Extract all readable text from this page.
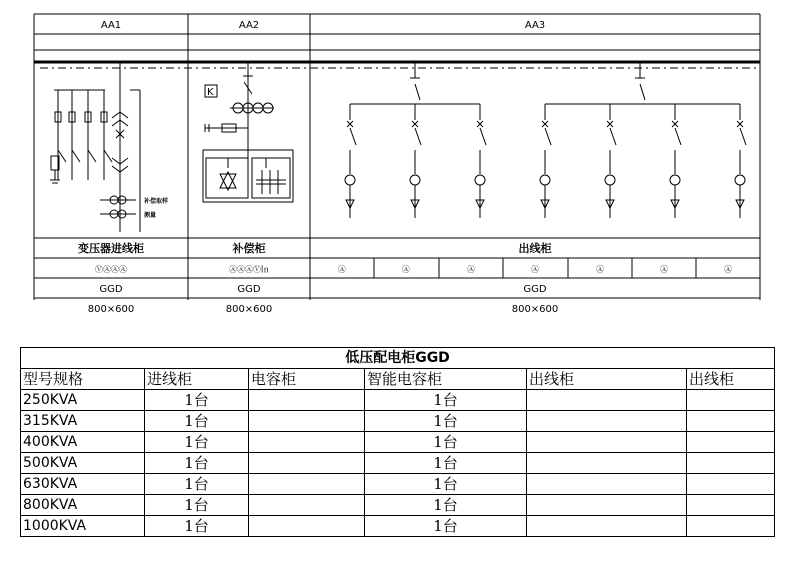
补偿取样
测量
K
AA1	AA2	AA3
变压器进线柜	补偿柜	出线柜
ⓋⒶⒶⒶ	ⒶⒶⒶⓋ㏑	Ⓐ	Ⓐ	Ⓐ	Ⓐ	Ⓐ	Ⓐ	Ⓐ
GGD	GGD	GGD
800×600	800×600	800×600
低压配电柜GGD					
型号规格	进线柜	电容柜	智能电容柜	出线柜	出线柜
250KVA	1台		1台		
315KVA	1台		1台		
400KVA	1台		1台		
500KVA	1台		1台		
630KVA	1台		1台		
800KVA	1台		1台		
1000KVA	1台		1台		
